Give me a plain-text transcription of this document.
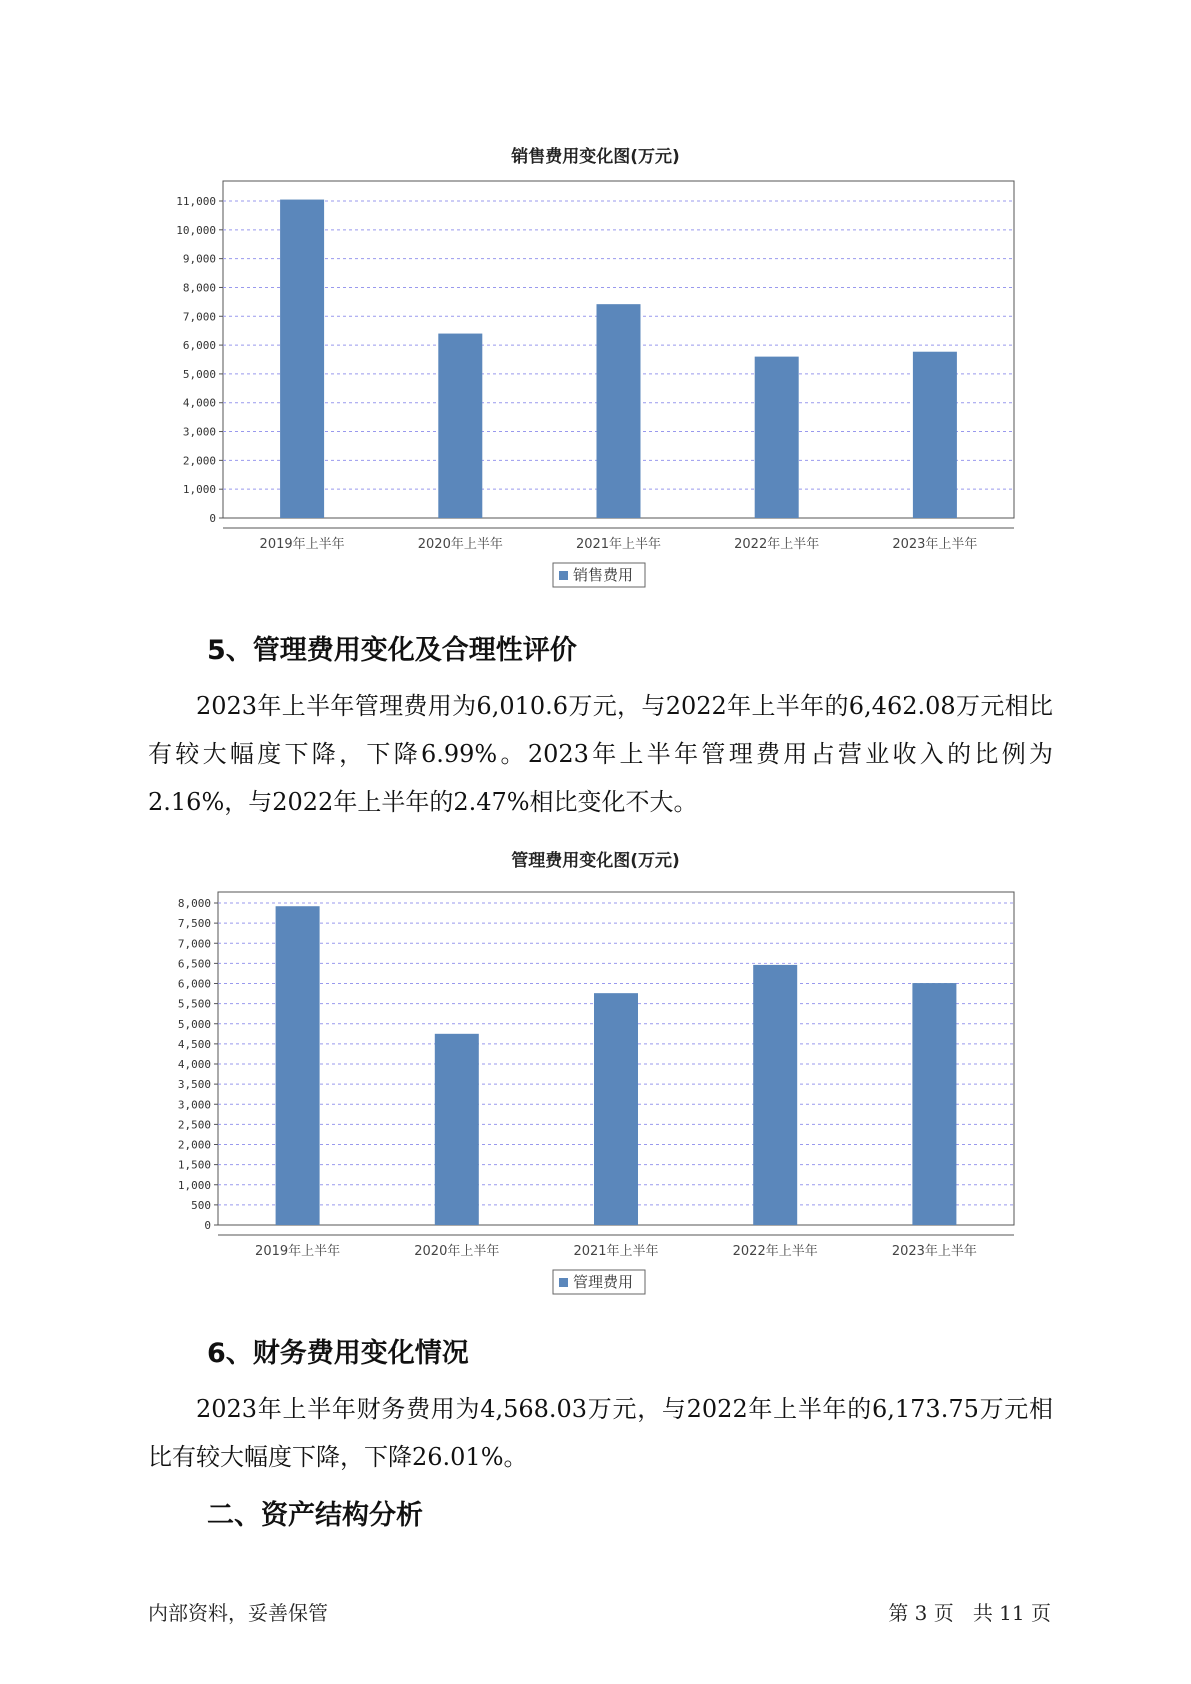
销售费用变化图(万元)
0
1,000
2,000
3,000
4,000
5,000
6,000
7,000
8,000
9,000
10,000
11,000
2019年上半年	2020年上半年	2021年上半年	2022年上半年	2023年上半年
销售费用
5、管理费用变化及合理性评价
2023年上半年管理费用为6,010.6万元，与2022年上半年的6,462.08万元相比有较大幅度下降，下降6.99%。2023年上半年管理费用占营业收入的比例为2.16%，与2022年上半年的2.47%相比变化不大。
管理费用变化图(万元)
0
500
1,000
1,500
2,000
2,500
3,000
3,500
4,000
4,500
5,000
5,500
6,000
6,500
7,000
7,500
8,000
2019年上半年	2020年上半年	2021年上半年	2022年上半年	2023年上半年
管理费用
6、财务费用变化情况
2023年上半年财务费用为4,568.03万元，与2022年上半年的6,173.75万元相比有较大幅度下降，下降26.01%。
二、资产结构分析
内部资料，妥善保管	第 3 页   共 11 页
